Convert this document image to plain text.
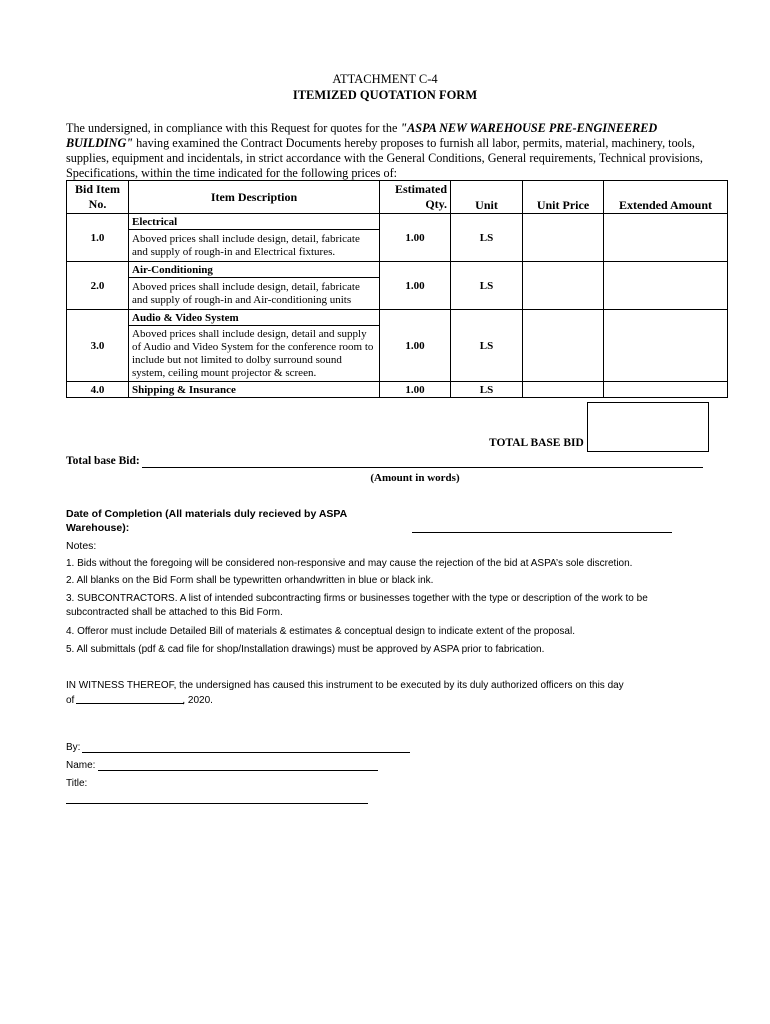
ATTACHMENT C-4
ITEMIZED QUOTATION FORM
The undersigned, in compliance with this Request for quotes for the "ASPA NEW WAREHOUSE PRE-ENGINEERED BUILDING" having examined the Contract Documents hereby proposes to furnish all labor, permits, material, machinery, tools, supplies, equipment and incidentals, in strict accordance with the General Conditions, General requirements, Technical provisions, Specifications, within the time indicated for the following prices of:
Bid Item No.	Item Description	Estimated Qty.	Unit	Unit Price	Extended Amount
1.0	Electrical	1.00	LS		
	Aboved prices shall include design, detail, fabricate and supply of rough-in and Electrical fixtures.				
2.0	Air-Conditioning	1.00	LS		
	Aboved prices shall include design, detail, fabricate and supply of rough-in and Air-conditioning units				
3.0	Audio & Video System	1.00	LS		
	Aboved prices shall include design, detail and supply of Audio and Video System for the conference room to include but not limited to dolby surround sound system, ceiling mount projector & screen.				
4.0	Shipping & Insurance	1.00	LS		
TOTAL BASE BID
Total base Bid:
(Amount in words)
Date of Completion (All materials duly recieved by ASPA Warehouse):
Notes:
1. Bids without the foregoing will be considered non-responsive and may cause the rejection of the bid at ASPA’s sole discretion.
2. All blanks on the Bid Form shall be typewritten orhandwritten in blue or black ink.
3. SUBCONTRACTORS. A list of intended subcontracting firms or businesses together with the type or description of the work to be subcontracted shall be attached to this Bid Form.
4. Offeror must include Detailed Bill of materials & estimates & conceptual design to indicate extent of the proposal.
5. All submittals (pdf & cad file for shop/Installation drawings) must be approved by ASPA prior to fabrication.
IN WITNESS THEREOF, the undersigned has caused this instrument to be executed by its duly authorized officers on this day
of	, 2020.
By:
Name:
Title:
